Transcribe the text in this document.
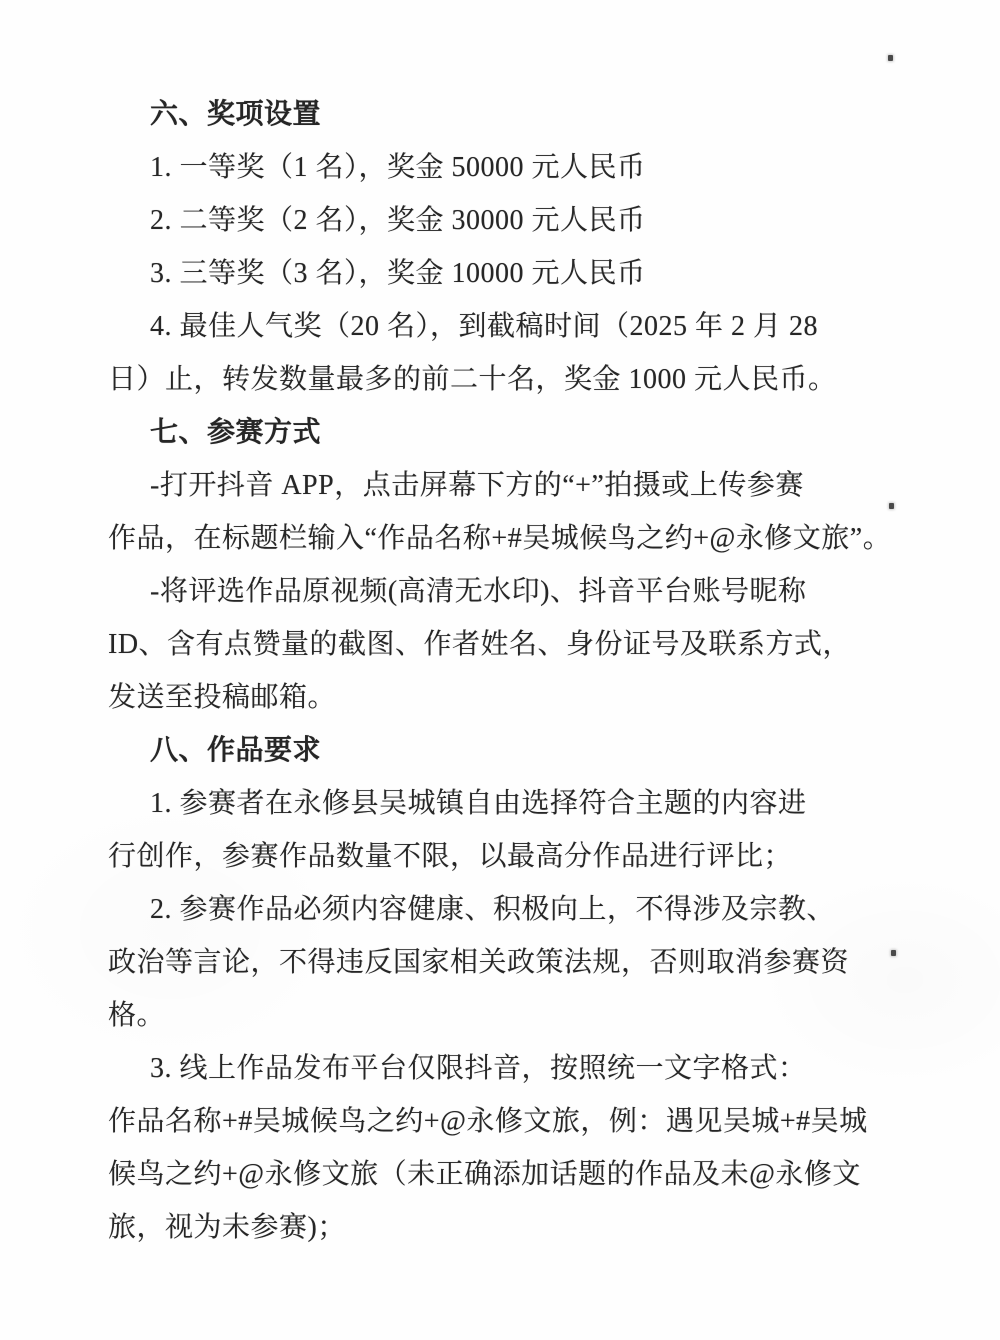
六、奖项设置
1. 一等奖（1 名），奖金 50000 元人民币
2. 二等奖（2 名），奖金 30000 元人民币
3. 三等奖（3 名），奖金 10000 元人民币
4. 最佳人气奖（20 名），到截稿时间（2025 年 2 月 28
日）止，转发数量最多的前二十名，奖金 1000 元人民币。
七、参赛方式
-打开抖音 APP，点击屏幕下方的“+”拍摄或上传参赛
作品，在标题栏输入“作品名称+#吴城候鸟之约+@永修文旅”。
-将评选作品原视频(高清无水印)、抖音平台账号昵称
ID、含有点赞量的截图、作者姓名、身份证号及联系方式，
发送至投稿邮箱。
八、作品要求
1. 参赛者在永修县吴城镇自由选择符合主题的内容进
行创作，参赛作品数量不限，以最高分作品进行评比；
2. 参赛作品必须内容健康、积极向上，不得涉及宗教、
政治等言论，不得违反国家相关政策法规，否则取消参赛资
格。
3. 线上作品发布平台仅限抖音，按照统一文字格式：
作品名称+#吴城候鸟之约+@永修文旅，例：遇见吴城+#吴城
候鸟之约+@永修文旅（未正确添加话题的作品及未@永修文
旅，视为未参赛)；
